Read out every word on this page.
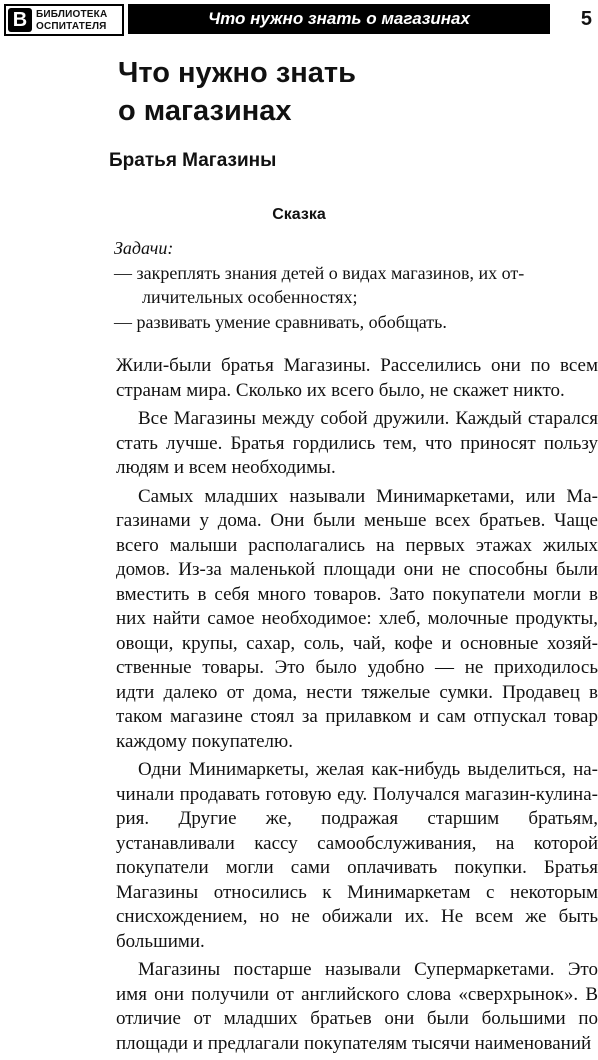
В БИБЛИОТЕКА
ОСПИТАТЕЛЯ	Что нужно знать о магазинах	5
Что нужно знать
о магазинах
Братья Магазины
Сказка
Задачи:
— закреплять знания детей о видах магазинов, их отличительных особенностях;
— развивать умение сравнивать, обобщать.

Жили-были братья Магазины. Расселились они по всем странам мира. Сколько их всего было, не скажет никто.

Все Магазины между собой дружили. Каждый старался стать лучше. Братья гордились тем, что приносят пользу людям и всем необходимы.

Самых младших называли Минимаркетами, или Магазинами у дома. Они были меньше всех братьев. Чаще всего малыши располагались на первых этажах жилых домов. Из-за маленькой площади они не способны были вместить в себя много товаров. Зато покупатели могли в них найти самое необходимое: хлеб, молочные продукты, овощи, крупы, сахар, соль, чай, кофе и основные хозяйственные товары. Это было удобно — не приходилось идти далеко от дома, нести тяжелые сумки. Продавец в таком магазине стоял за прилавком и сам отпускал товар каждому покупателю.

Одни Минимаркеты, желая как-нибудь выделиться, начинали продавать готовую еду. Получался магазин-кулинария. Другие же, подражая старшим братьям, устанавливали кассу самообслуживания, на которой покупатели могли сами оплачивать покупки. Братья Магазины относились к Минимаркетам с некоторым снисхождением, но не обижали их. Не всем же быть большими.

Магазины постарше называли Супермаркетами. Это имя они получили от английского слова «сверхрынок». В отличие от младших братьев они были большими по площади и предлагали покупателям тысячи наименований
